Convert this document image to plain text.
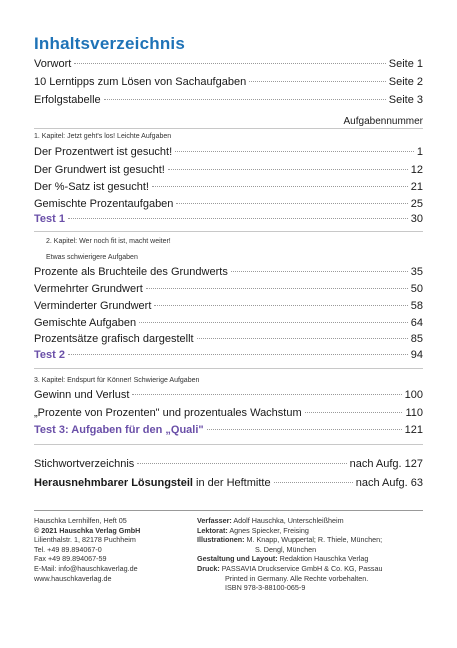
Inhaltsverzeichnis
Vorwort	Seite 1
10 Lerntipps zum Lösen von Sachaufgaben	Seite 2
Erfolgstabelle	Seite 3
Aufgabennummer
1. Kapitel: Jetzt geht's los! Leichte Aufgaben
Der Prozentwert ist gesucht!	1
Der Grundwert ist gesucht!	12
Der %-Satz ist gesucht!	21
Gemischte Prozentaufgaben	25
Test 1	30
2. Kapitel: Wer noch fit ist, macht weiter!
Etwas schwierigere Aufgaben
Prozente als Bruchteile des Grundwerts	35
Vermehrter Grundwert	50
Verminderter Grundwert	58
Gemischte Aufgaben	64
Prozentsätze grafisch dargestellt	85
Test 2	94
3. Kapitel: Endspurt für Könner! Schwierige Aufgaben
Gewinn und Verlust	100
„Prozente von Prozenten" und prozentuales Wachstum	110
Test 3: Aufgaben für den „Quali"	121
Stichwortverzeichnis	nach Aufg. 127
Herausnehmbarer Lösungsteil in der Heftmitte	nach Aufg. 63
Hauschka Lernhilfen, Heft 05
© 2021 Hauschka Verlag GmbH
Lilienthalstr. 1, 82178 Puchheim
Tel. +49 89.894067-0
Fax +49 89.894067-59
E-Mail: info@hauschkaverlag.de
www.hauschkaverlag.de
Verfasser: Adolf Hauschka, Unterschleißheim
Lektorat: Agnes Spiecker, Freising
Illustrationen: M. Knapp, Wuppertal; R. Thiele, München;
S. Dengl, München
Gestaltung und Layout: Redaktion Hauschka Verlag
Druck: PASSAVIA Druckservice GmbH & Co. KG, Passau
Printed in Germany. Alle Rechte vorbehalten.
ISBN 978-3-88100-065-9
